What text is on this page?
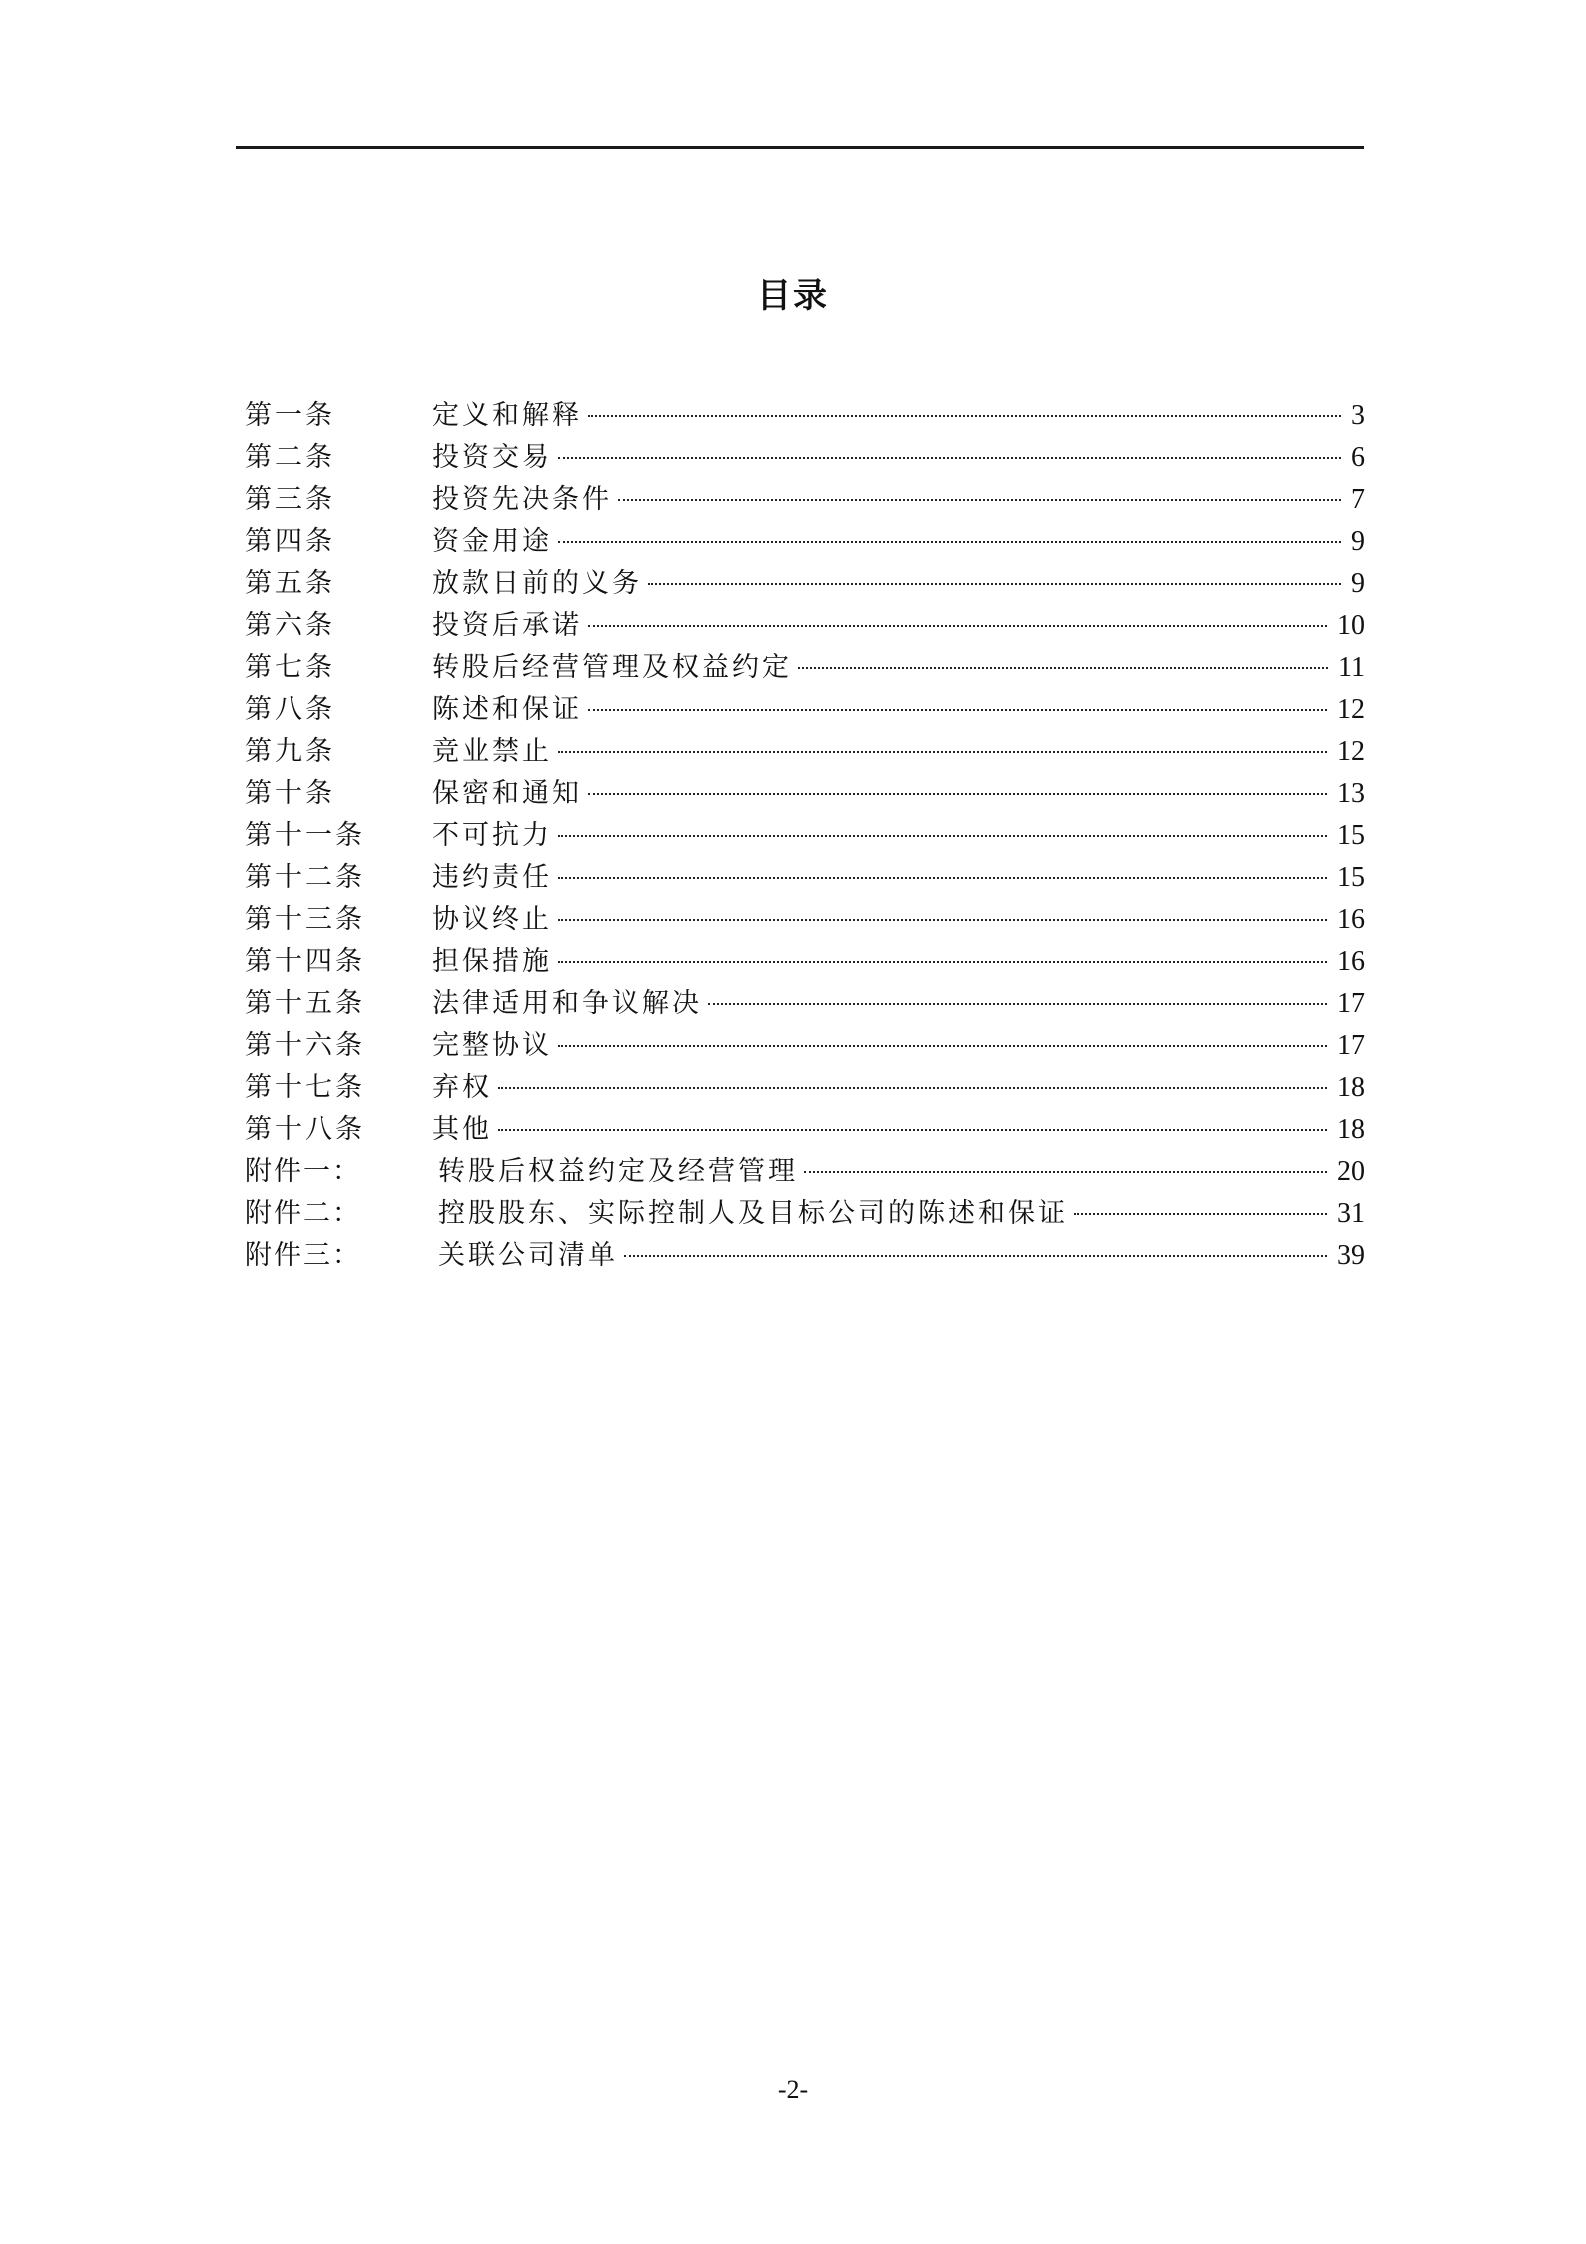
目录
第一条	定义和解释	3
第二条	投资交易	6
第三条	投资先决条件	7
第四条	资金用途	9
第五条	放款日前的义务	9
第六条	投资后承诺	10
第七条	转股后经营管理及权益约定	11
第八条	陈述和保证	12
第九条	竞业禁止	12
第十条	保密和通知	13
第十一条	不可抗力	15
第十二条	违约责任	15
第十三条	协议终止	16
第十四条	担保措施	16
第十五条	法律适用和争议解决	17
第十六条	完整协议	17
第十七条	弃权	18
第十八条	其他	18
附件一：	转股后权益约定及经营管理	20
附件二：	控股股东、实际控制人及目标公司的陈述和保证	31
附件三：	关联公司清单	39
-2-
